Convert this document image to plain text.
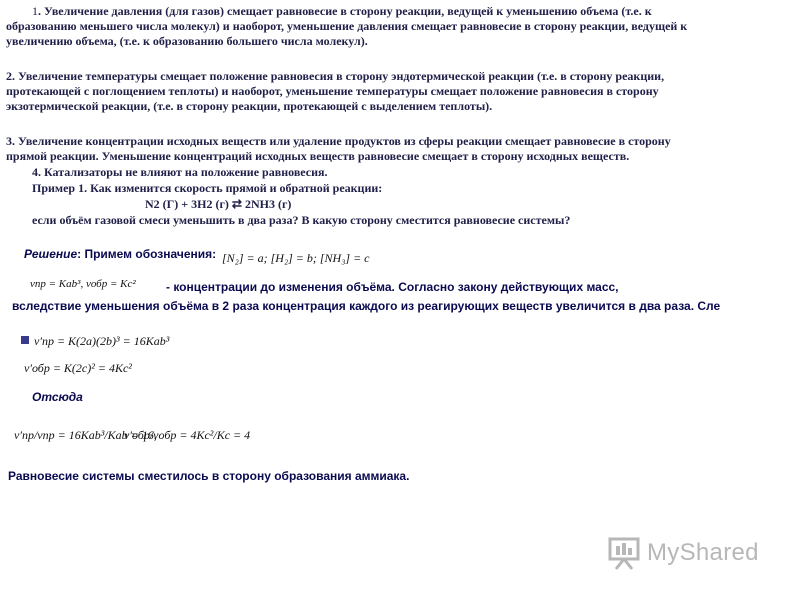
1. Увеличение давления (для газов) смещает равновесие в сторону реакции, ведущей к уменьшению объема (т.е. к
образованию меньшего числа молекул) и наоборот, уменьшение давления смещает равновесие в сторону реакции, ведущей к
увеличению объема, (т.е. к образованию большего числа молекул).
2. Увеличение температуры смещает положение равновесия в сторону эндотермической реакции (т.е. в сторону реакции,
протекающей с поглощением теплоты) и наоборот, уменьшение температуры смещает положение равновесия в сторону
экзотермической реакции, (т.е. в сторону реакции, протекающей с выделением теплоты).
3. Увеличение концентрации исходных веществ или удаление продуктов из сферы реакции смещает равновесие в сторону
прямой реакции. Уменьшение концентраций исходных веществ равновесие смещает в сторону исходных веществ.
4. Катализаторы не влияют на положение равновесия.
Пример 1. Как изменится скорость прямой и обратной реакции:
N2 (Г) + 3H2 (г) ⇄ 2NH3 (г)
если объём газовой смеси уменьшить в два раза? В какую сторону сместится равновесие системы?
Решение: Примем обозначения: [N₂] = a; [H₂] = b; [NH₃] = c
νпр = Kab³, νобр = Kc²	- концентрации до изменения объёма. Согласно закону действующих масс,
вследствие уменьшения объёма в 2 раза концентрация каждого из реагирующих веществ увеличится в два раза. Сле
ν′пр = K(2a)(2b)³ = 16Kab³
ν′обр = K(2c)² = 4Kc²
Отсюда
ν′пр/νпр = 16Kab³/Kab = 16,
ν′обр/νобр = 4Kc²/Kc = 4
Равновесие системы сместилось в сторону образования аммиака.
MyShared
